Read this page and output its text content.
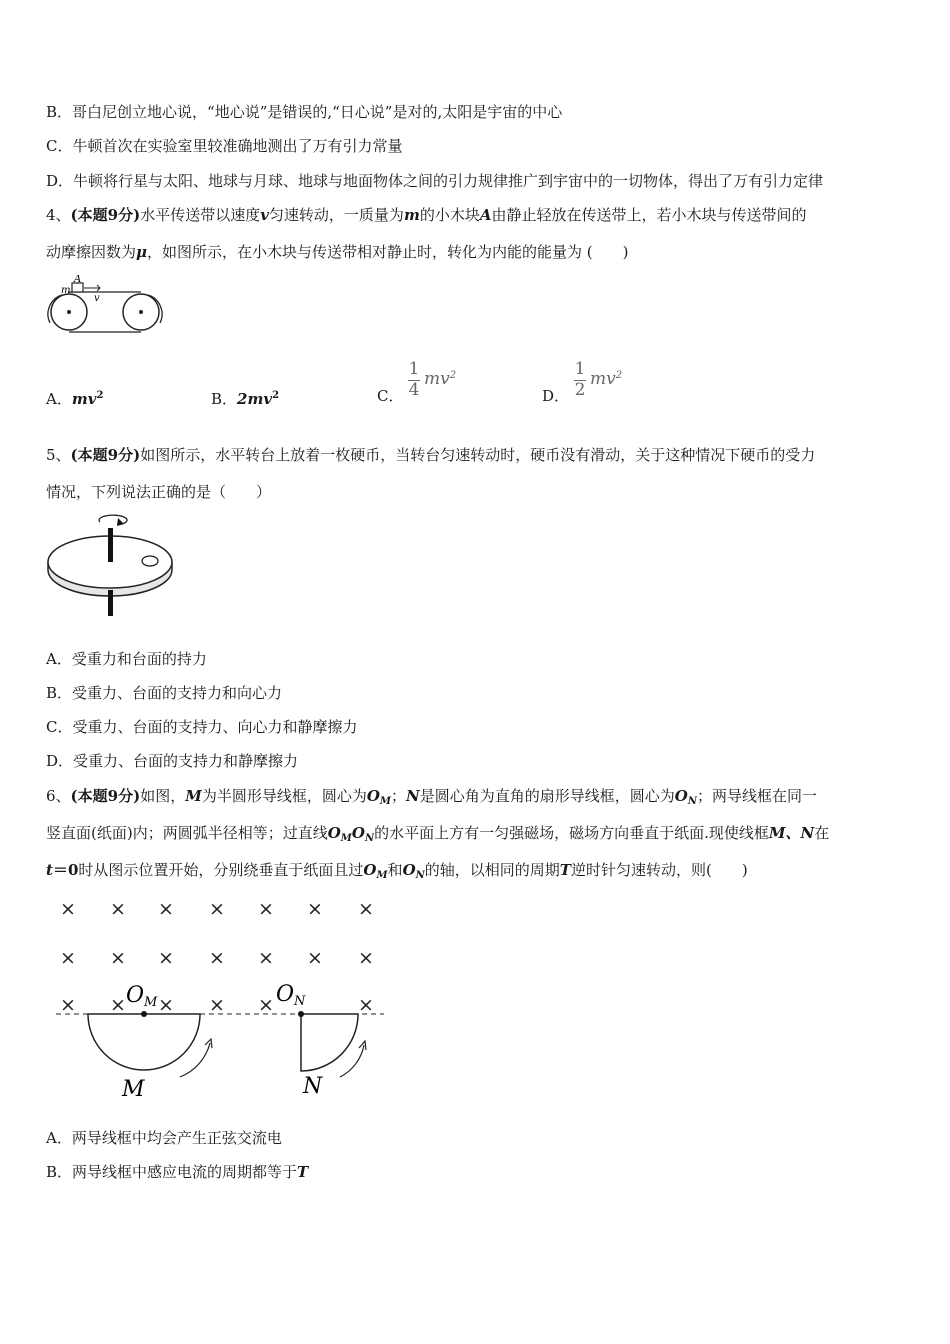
B．哥白尼创立地心说，“地心说”是错误的,“日心说”是对的,太阳是宇宙的中心
C．牛顿首次在实验室里较准确地测出了万有引力常量
D．牛顿将行星与太阳、地球与月球、地球与地面物体之间的引力规律推广到宇宙中的一切物体，得出了万有引力定律
4、(本题9分)水平传送带以速度v匀速转动，一质量为m的小木块A由静止轻放在传送带上，若小木块与传送带间的
动摩擦因数为μ，如图所示，在小木块与传送带相对静止时，转化为内能的能量为 (　　)
m
A
v
A．$mv^2$	B．$2mv^2$	C．
1
4
$mv^2$
D．
1
2
$mv^2$
5、(本题9分)如图所示，水平转台上放着一枚硬币，当转台匀速转动时，硬币没有滑动，关于这种情况下硬币的受力
情况，下列说法正确的是（　　）
A．受重力和台面的持力
B．受重力、台面的支持力和向心力
C．受重力、台面的支持力、向心力和静摩擦力
D．受重力、台面的支持力和静摩擦力
6、(本题9分)如图，M为半圆形导线框，圆心为$O_M$；N是圆心角为直角的扇形导线框，圆心为$O_N$；两导线框在同一
竖直面(纸面)内；两圆弧半径相等；过直线$O_MO_N$的水平面上方有一匀强磁场，磁场方向垂直于纸面.现使线框M、N在
t＝0时从图示位置开始，分别绕垂直于纸面且过$O_M$和$O_N$的轴，以相同的周期T逆时针匀速转动，则(　　)
× × × × × × ×
× × × × × × ×
× × × × ×	×
OM	ON
M	N
A．两导线框中均会产生正弦交流电
B．两导线框中感应电流的周期都等于T
